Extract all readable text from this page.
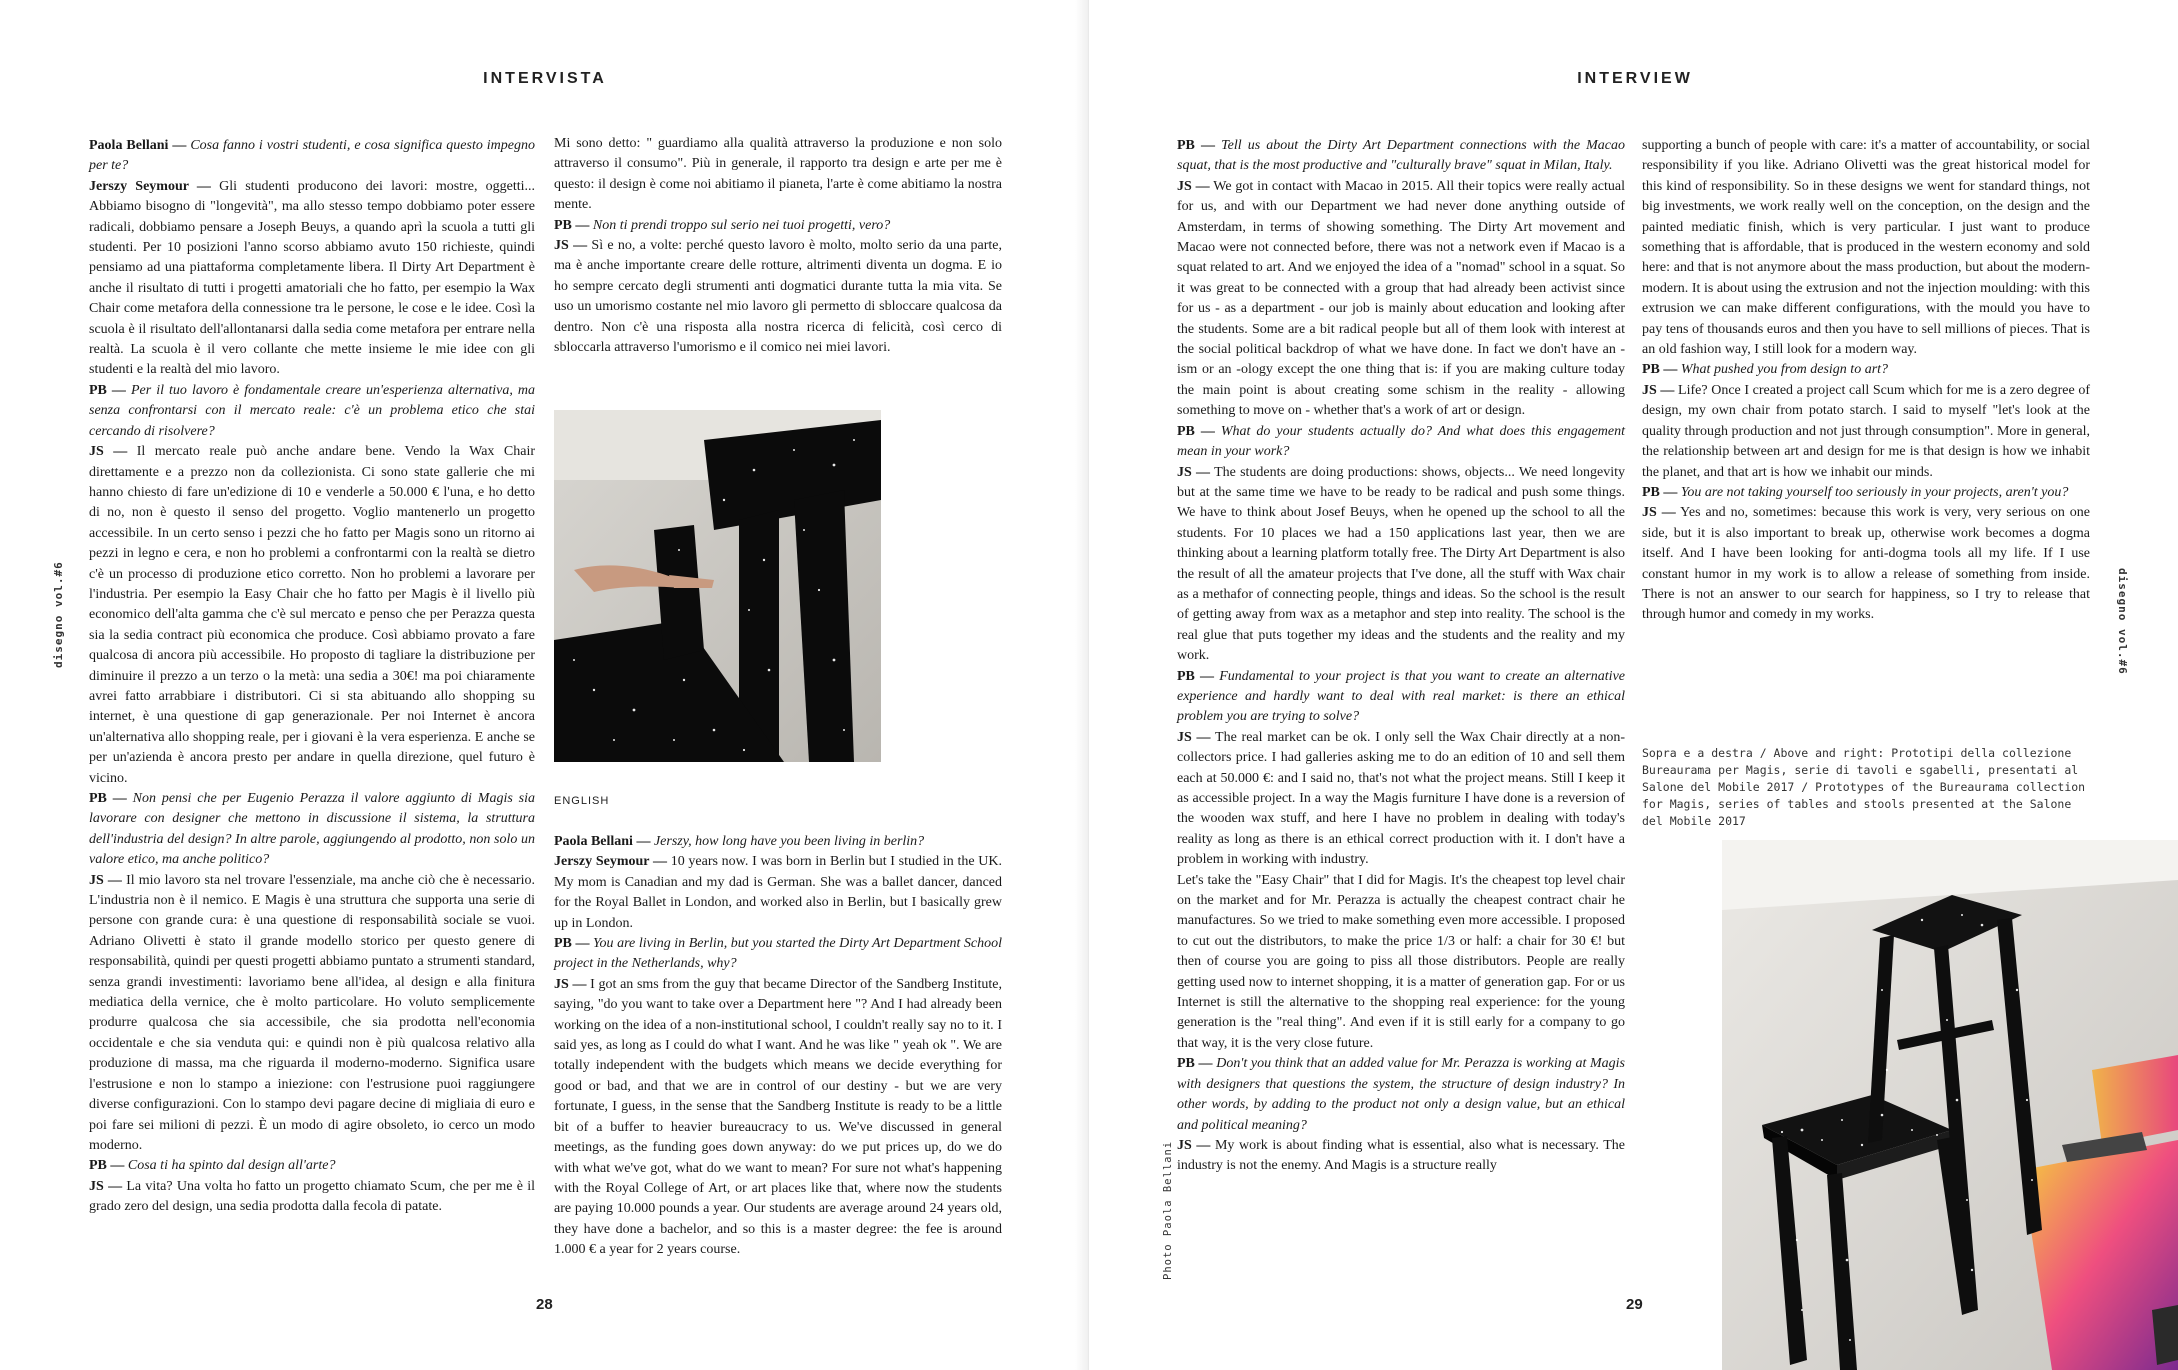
INTERVISTA
disegno vol.#6

Paola Bellani — Cosa fanno i vostri studenti, e cosa significa questo impegno per te?

Jerszy Seymour — Gli studenti producono dei lavori: mostre, oggetti... Abbiamo bisogno di "longevità", ma allo stesso tempo dobbiamo poter essere radicali, dobbiamo pensare a Joseph Beuys, a quando aprì la scuola a tutti gli studenti. Per 10 posizioni l'anno scorso abbiamo avuto 150 richieste, quindi pensiamo ad una piattaforma completamente libera. Il Dirty Art Department è anche il risultato di tutti i progetti amatoriali che ho fatto, per esempio la Wax Chair come metafora della connessione tra le persone, le cose e le idee. Così la scuola è il risultato dell'allontanarsi dalla sedia come metafora per entrare nella realtà. La scuola è il vero collante che mette insieme le mie idee con gli studenti e la realtà del mio lavoro.

PB — Per il tuo lavoro è fondamentale creare un'esperienza alternativa, ma senza confrontarsi con il mercato reale: c'è un problema etico che stai cercando di risolvere?

JS — Il mercato reale può anche andare bene. Vendo la Wax Chair direttamente e a prezzo non da collezionista. Ci sono state gallerie che mi hanno chiesto di fare un'edizione di 10 e venderle a 50.000 € l'una, e ho detto di no, non è questo il senso del progetto. Voglio mantenerlo un progetto accessibile. In un certo senso i pezzi che ho fatto per Magis sono un ritorno ai pezzi in legno e cera, e non ho problemi a confrontarmi con la realtà se dietro c'è un processo di produzione etico corretto. Non ho problemi a lavorare per l'industria. Per esempio la Easy Chair che ho fatto per Magis è il livello più economico dell'alta gamma che c'è sul mercato e penso che per Perazza questa sia la sedia contract più economica che produce. Così abbiamo provato a fare qualcosa di ancora più accessibile. Ho proposto di tagliare la distribuzione per diminuire il prezzo a un terzo o la metà: una sedia a 30€! ma poi chiaramente avrei fatto arrabbiare i distributori. Ci si sta abituando allo shopping su internet, è una questione di gap generazionale. Per noi Internet è ancora un'alternativa allo shopping reale, per i giovani è la vera esperienza. E anche se per un'azienda è ancora presto per andare in quella direzione, quel futuro è vicino.

PB — Non pensi che per Eugenio Perazza il valore aggiunto di Magis sia lavorare con designer che mettono in discussione il sistema, la struttura dell'industria del design? In altre parole, aggiungendo al prodotto, non solo un valore etico, ma anche politico?

JS — Il mio lavoro sta nel trovare l'essenziale, ma anche ciò che è necessario. L'industria non è il nemico. E Magis è una struttura che supporta una serie di persone con grande cura: è una questione di responsabilità sociale se vuoi. Adriano Olivetti è stato il grande modello storico per questo genere di responsabilità, quindi per questi progetti abbiamo puntato a strumenti standard, senza grandi investimenti: lavoriamo bene all'idea, al design e alla finitura mediatica della vernice, che è molto particolare. Ho voluto semplicemente produrre qualcosa che sia accessibile, che sia prodotta nell'economia occidentale e che sia venduta qui: e quindi non è più qualcosa relativo alla produzione di massa, ma che riguarda il moderno-moderno. Significa usare l'estrusione e non lo stampo a iniezione: con l'estrusione puoi raggiungere diverse configurazioni. Con lo stampo devi pagare decine di migliaia di euro e poi fare sei milioni di pezzi. È un modo di agire obsoleto, io cerco un modo moderno.

PB — Cosa ti ha spinto dal design all'arte?

JS — La vita? Una volta ho fatto un progetto chiamato Scum, che per me è il grado zero del design, una sedia prodotta dalla fecola di patate.

Mi sono detto: " guardiamo alla qualità attraverso la produzione e non solo attraverso il consumo". Più in generale, il rapporto tra design e arte per me è questo: il design è come noi abitiamo il pianeta, l'arte è come abitiamo la nostra mente.

PB — Non ti prendi troppo sul serio nei tuoi progetti, vero?

JS — Sì e no, a volte: perché questo lavoro è molto, molto serio da una parte, ma è anche importante creare delle rotture, altrimenti diventa un dogma. E io ho sempre cercato degli strumenti anti dogmatici durante tutta la mia vita. Se uso un umorismo costante nel mio lavoro gli permetto di sbloccare qualcosa da dentro. Non c'è una risposta alla nostra ricerca di felicità, così cerco di sbloccarla attraverso l'umorismo e il comico nei miei lavori.

ENGLISH

Paola Bellani — Jerszy, how long have you been living in berlin?

Jerszy Seymour — 10 years now. I was born in Berlin but I studied in the UK. My mom is Canadian and my dad is German. She was a ballet dancer, danced for the Royal Ballet in London, and worked also in Berlin, but I basically grew up in London.

PB — You are living in Berlin, but you started the Dirty Art Department School project in the Netherlands, why?

JS — I got an sms from the guy that became Director of the Sandberg Institute, saying, "do you want to take over a Department here "? And I had already been working on the idea of a non-institutional school, I couldn't really say no to it. I said yes, as long as I could do what I want. And he was like " yeah ok ". We are totally independent with the budgets which means we decide everything for good or bad, and that we are in control of our destiny - but we are very fortunate, I guess, in the sense that the Sandberg Institute is ready to be a little bit of a buffer to heavier bureaucracy to us. We've discussed in general meetings, as the funding goes down anyway: do we put prices up, do we do with what we've got, what do we want to mean? For sure not what's happening with the Royal College of Art, or art places like that, where now the students are paying 10.000 pounds a year. Our students are average around 24 years old, they have done a bachelor, and so this is a master degree: the fee is around 1.000 € a year for 2 years course.

28
INTERVIEW

PB — Tell us about the Dirty Art Department connections with the Macao squat, that is the most productive and "culturally brave" squat in Milan, Italy.

JS — We got in contact with Macao in 2015. All their topics were really actual for us, and with our Department we had never done anything outside of Amsterdam, in terms of showing something. The Dirty Art movement and Macao were not connected before, there was not a network even if Macao is a squat related to art. And we enjoyed the idea of a "nomad" school in a squat. So it was great to be connected with a group that had already been activist since for us - as a department - our job is mainly about education and looking after the students. Some are a bit radical people but all of them look with interest at the social political backdrop of what we have done. In fact we don't have an -ism or an -ology except the one thing that is: if you are making culture today the main point is about creating some schism in the reality - allowing something to move on - whether that's a work of art or design.

PB — What do your students actually do? And what does this engagement mean in your work?

JS — The students are doing productions: shows, objects... We need longevity but at the same time we have to be ready to be radical and push some things. We have to think about Josef Beuys, when he opened up the school to all the students. For 10 places we had a 150 applications last year, then we are thinking about a learning platform totally free. The Dirty Art Department is also the result of all the amateur projects that I've done, all the stuff with Wax chair as a methafor of connecting people, things and ideas. So the school is the result of getting away from wax as a metaphor and step into reality. The school is the real glue that puts together my ideas and the students and the reality and my work.

PB — Fundamental to your project is that you want to create an alternative experience and hardly want to deal with real market: is there an ethical problem you are trying to solve?

JS — The real market can be ok. I only sell the Wax Chair directly at a non-collectors price. I had galleries asking me to do an edition of 10 and sell them each at 50.000 €: and I said no, that's not what the project means. Still I keep it as accessible project. In a way the Magis furniture I have done is a reversion of the wooden wax stuff, and here I have no problem in dealing with today's reality as long as there is an ethical correct production with it. I don't have a problem in working with industry.

Let's take the "Easy Chair" that I did for Magis. It's the cheapest top level chair on the market and for Mr. Perazza is actually the cheapest contract chair he manufactures. So we tried to make something even more accessible. I proposed to cut out the distributors, to make the price 1/3 or half: a chair for 30 €! but then of course you are going to piss all those distributors. People are really getting used now to internet shopping, it is a matter of generation gap. For or us Internet is still the alternative to the shopping real experience: for the young generation is the "real thing". And even if it is still early for a company to go that way, it is the very close future.

PB — Don't you think that an added value for Mr. Perazza is working at Magis with designers that questions the system, the structure of design industry? In other words, by adding to the product not only a design value, but an ethical and political meaning?

JS — My work is about finding what is essential, also what is necessary. The industry is not the enemy. And Magis is a structure really

supporting a bunch of people with care: it's a matter of accountability, or social responsibility if you like. Adriano Olivetti was the great historical model for this kind of responsibility. So in these designs we went for standard things, not big investments, we work really well on the conception, on the design and the painted mediatic finish, which is very particular. I just want to produce something that is affordable, that is produced in the western economy and sold here: and that is not anymore about the mass production, but about the modern-modern. It is about using the extrusion and not the injection moulding: with this extrusion we can make different configurations, with the mould you have to pay tens of thousands euros and then you have to sell millions of pieces. That is an old fashion way, I still look for a modern way.

PB — What pushed you from design to art?

JS — Life? Once I created a project call Scum which for me is a zero degree of design, my own chair from potato starch. I said to myself "let's look at the quality through production and not just through consumption". More in general, the relationship between art and design for me is that design is how we inhabit the planet, and that art is how we inhabit our minds.

PB — You are not taking yourself too seriously in your projects, aren't you?

JS — Yes and no, sometimes: because this work is very, very serious on one side, but it is also important to break up, otherwise work becomes a dogma itself. And I have been looking for anti-dogma tools all my life. If I use constant humor in my work is to allow a release of something from inside. There is not an answer to our search for happiness, so I try to release that through humor and comedy in my works.

Sopra e a destra / Above and right: Prototipi della collezione Bureaurama per Magis, serie di tavoli e sgabelli, presentati al Salone del Mobile 2017 / Prototypes of the Bureaurama collection for Magis, series of tables and stools presented at the Salone del Mobile 2017
Photo Paola Bellani
disegno vol.#6
29
